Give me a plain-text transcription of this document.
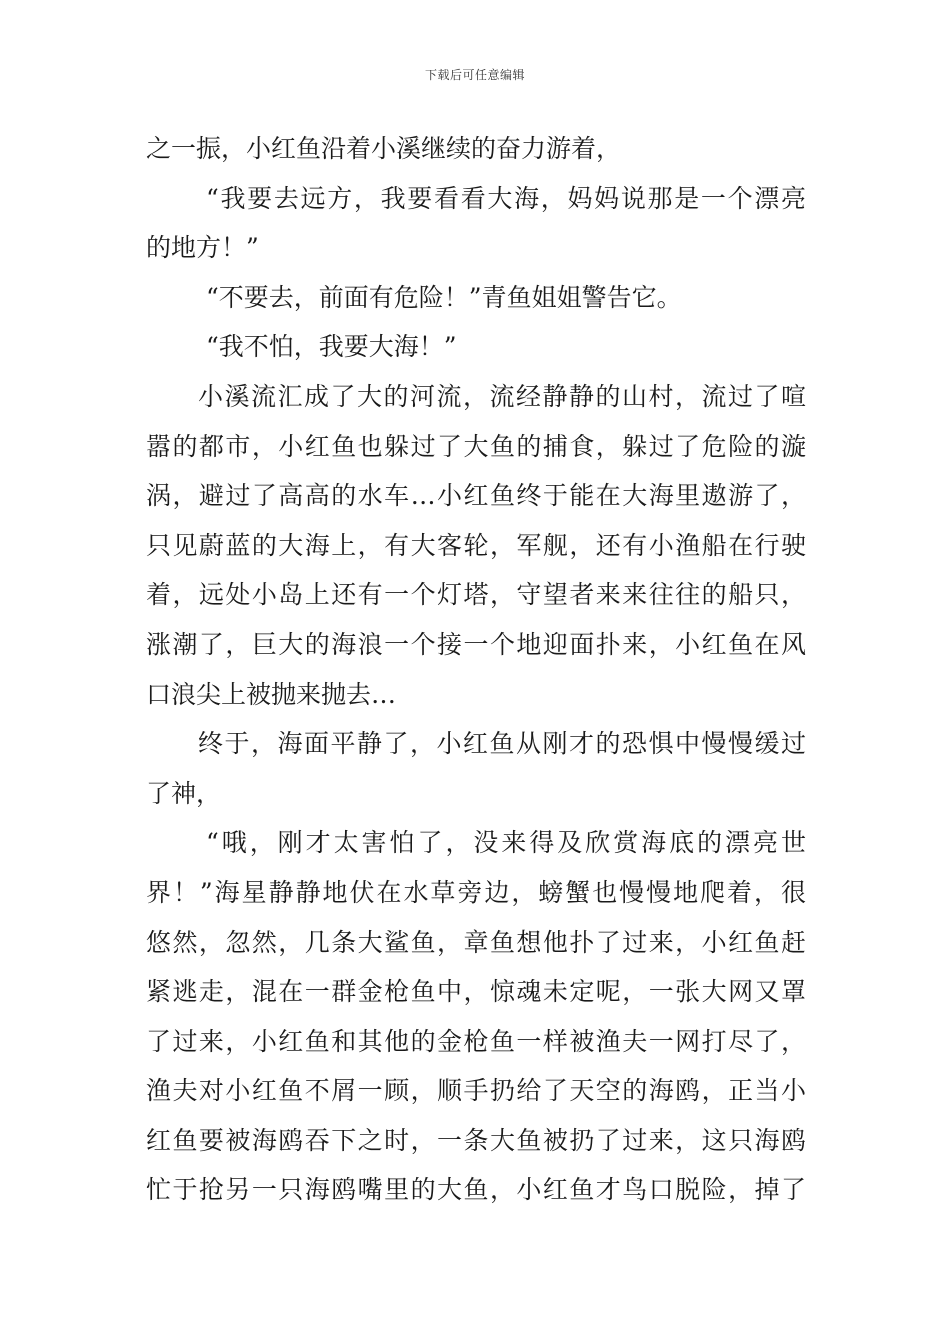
下载后可任意编辑
之一振，小红鱼沿着小溪继续的奋力游着，
“我要去远方，我要看看大海，妈妈说那是一个漂亮
的地方！”
“不要去，前面有危险！”青鱼姐姐警告它。
“我不怕，我要大海！”
小溪流汇成了大的河流，流经静静的山村，流过了喧
嚣的都市，小红鱼也躲过了大鱼的捕食，躲过了危险的漩
涡，避过了高高的水车…小红鱼终于能在大海里遨游了，
只见蔚蓝的大海上，有大客轮，军舰，还有小渔船在行驶
着，远处小岛上还有一个灯塔，守望者来来往往的船只，
涨潮了，巨大的海浪一个接一个地迎面扑来，小红鱼在风
口浪尖上被抛来抛去…
终于，海面平静了，小红鱼从刚才的恐惧中慢慢缓过
了神，
“哦，刚才太害怕了，没来得及欣赏海底的漂亮世
界！”海星静静地伏在水草旁边，螃蟹也慢慢地爬着，很
悠然，忽然，几条大鲨鱼，章鱼想他扑了过来，小红鱼赶
紧逃走，混在一群金枪鱼中，惊魂未定呢，一张大网又罩
了过来，小红鱼和其他的金枪鱼一样被渔夫一网打尽了，
渔夫对小红鱼不屑一顾，顺手扔给了天空的海鸥，正当小
红鱼要被海鸥吞下之时，一条大鱼被扔了过来，这只海鸥
忙于抢另一只海鸥嘴里的大鱼，小红鱼才鸟口脱险，掉了
